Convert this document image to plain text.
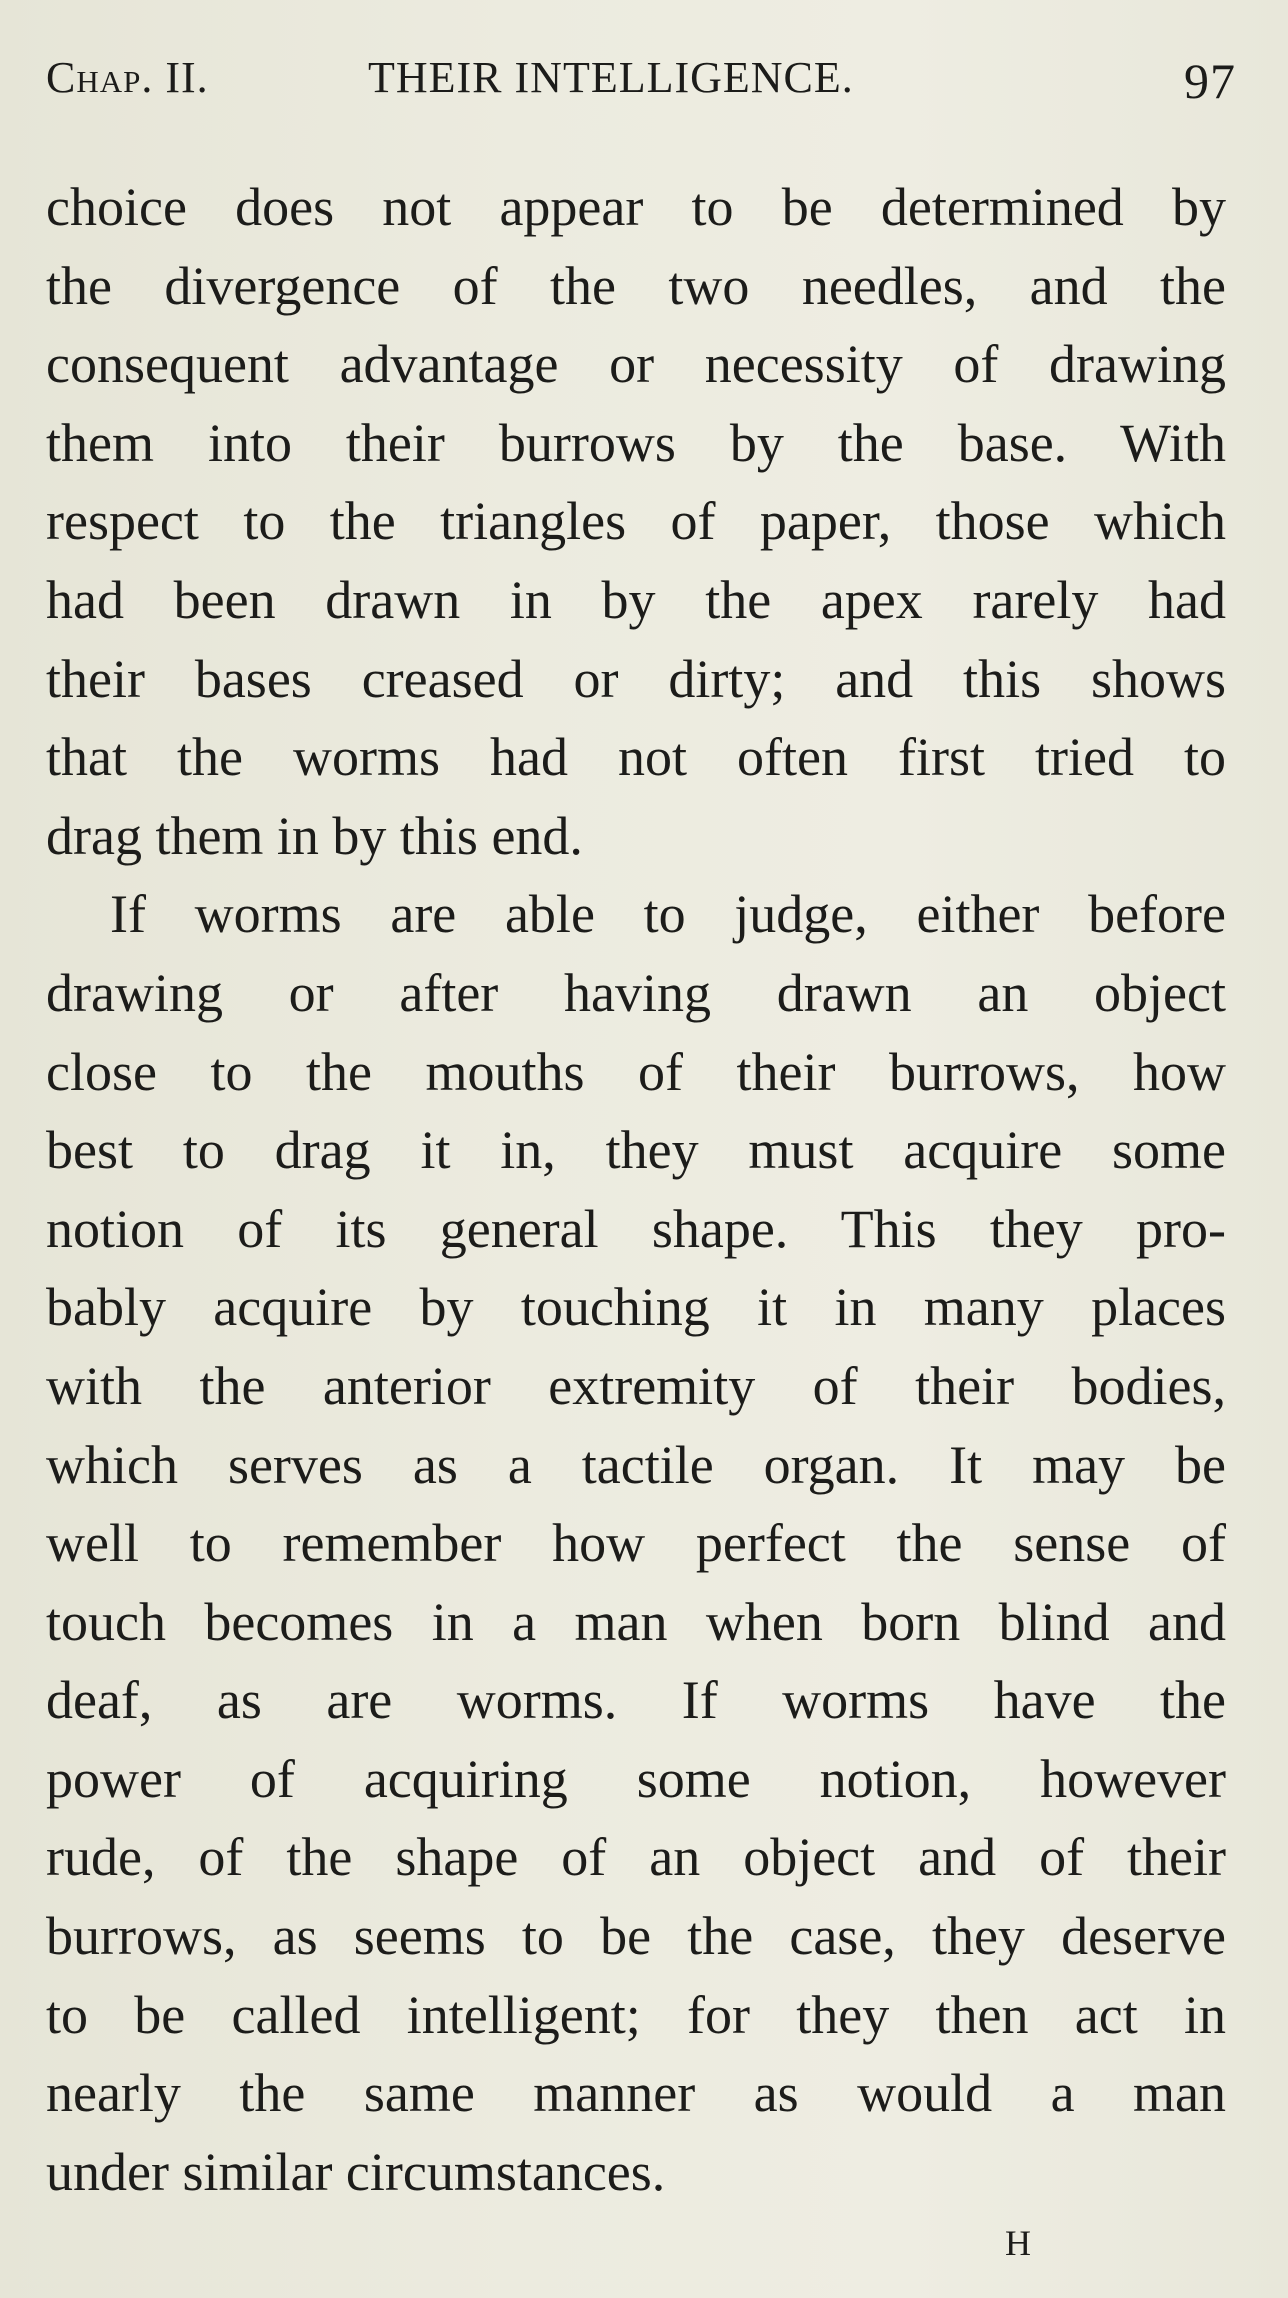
Chap. II.	THEIR INTELLIGENCE.	97
choice does not appear to be determined by
the divergence of the two needles, and the
consequent advantage or necessity of drawing
them into their burrows by the base. With
respect to the triangles of paper, those which
had been drawn in by the apex rarely had
their bases creased or dirty; and this shows
that the worms had not often first tried to
drag them in by this end.
If worms are able to judge, either before
drawing or after having drawn an object
close to the mouths of their burrows, how
best to drag it in, they must acquire some
notion of its general shape. This they pro-
bably acquire by touching it in many places
with the anterior extremity of their bodies,
which serves as a tactile organ. It may be
well to remember how perfect the sense of
touch becomes in a man when born blind and
deaf, as are worms. If worms have the
power of acquiring some notion, however
rude, of the shape of an object and of their
burrows, as seems to be the case, they deserve
to be called intelligent; for they then act in
nearly the same manner as would a man
under similar circumstances.
H
